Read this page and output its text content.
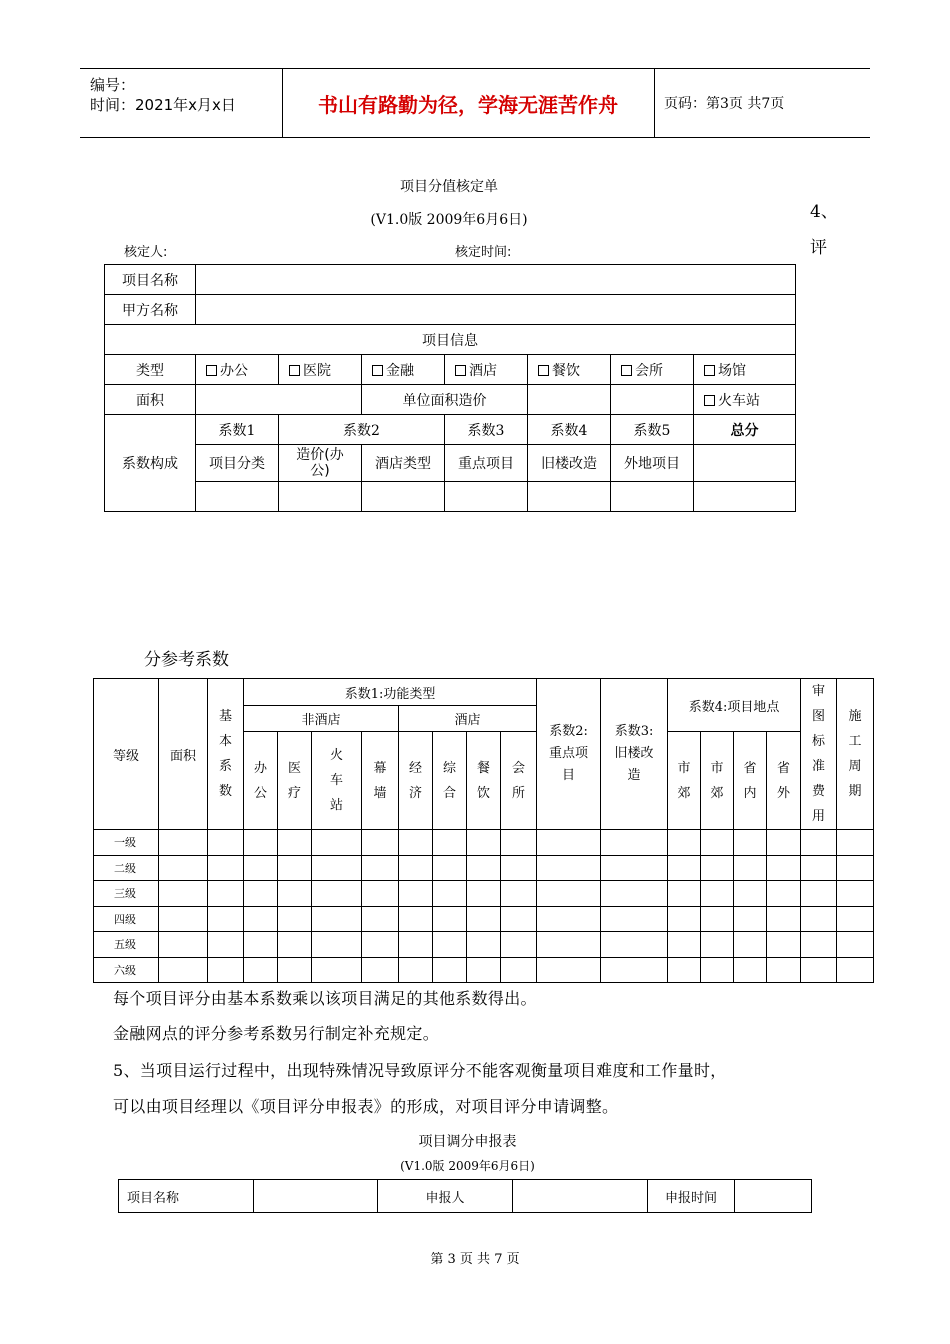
编号：
时间：2021年x月x日	书山有路勤为径，学海无涯苦作舟	页码：第3页 共7页
项目分值核定单
(V1.0版 2009年6月6日)
核定人:	核定时间:
4、
评
项目名称							
甲方名称							
项目信息							
类型	办公	医院	金融	酒店	餐饮	会所	场馆
面积			单位面积造价				火车站
系数构成	系数1	系数2		系数3	系数4	系数5	总分
	项目分类	造价(办公)	酒店类型	重点项目	旧楼改造	外地项目	

分参考系数
等级	面积	基本系数	系数1:功能类型								系数2:重点项目	系数3:旧楼改造	系数4:项目地点				审图标准费用	施工周期
			非酒店				酒店											
			办公	医疗	火车站	幕墙	经济	综合	餐饮	会所			市郊	市郊	省内	省外		
一级																		
二级																		
三级																		
四级																		
五级																		
六级																		
每个项目评分由基本系数乘以该项目满足的其他系数得出。
金融网点的评分参考系数另行制定补充规定。
5、当项目运行过程中，出现特殊情况导致原评分不能客观衡量项目难度和工作量时，
可以由项目经理以《项目评分申报表》的形成，对项目评分申请调整。
项目调分申报表
(V1.0版 2009年6月6日)
项目名称		申报人		申报时间	
第 3 页 共 7 页
